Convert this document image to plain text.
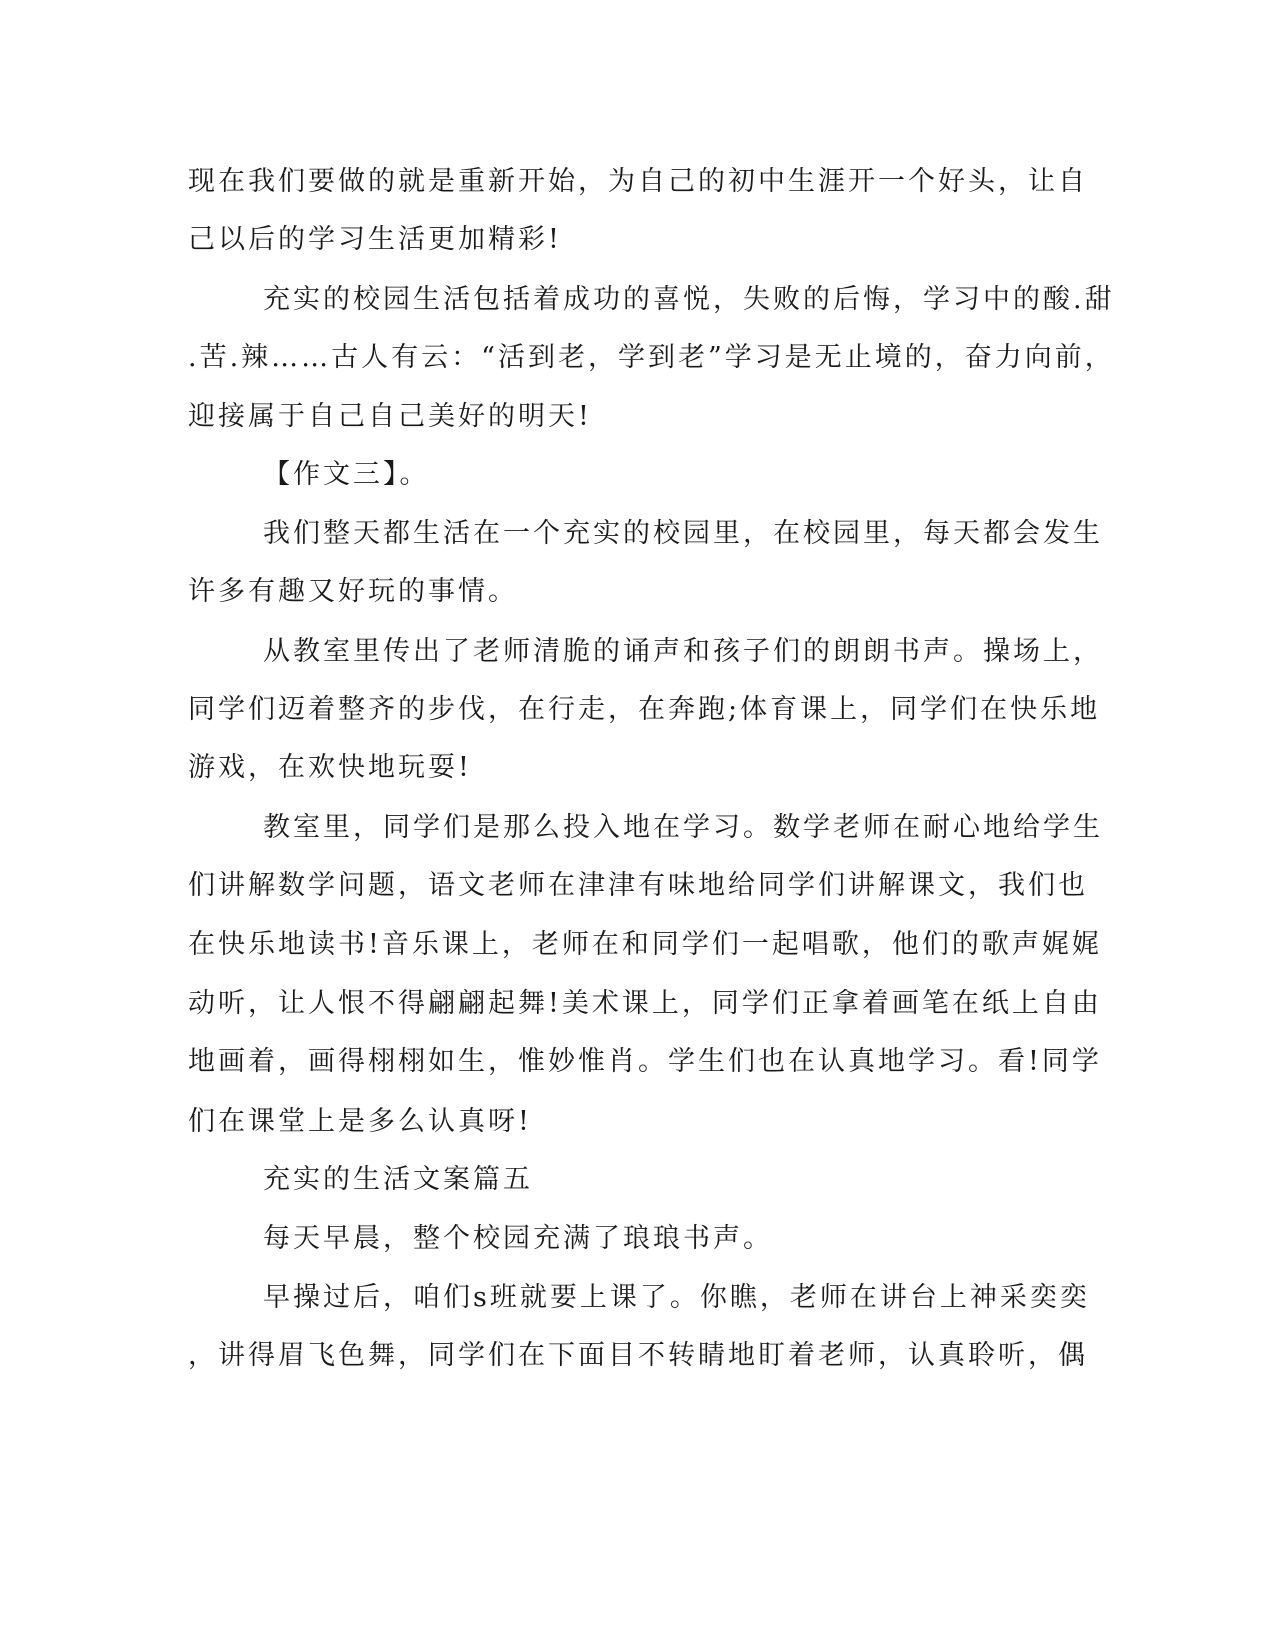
现在我们要做的就是重新开始，为自己的初中生涯开一个好头，让自
己以后的学习生活更加精彩!
充实的校园生活包括着成功的喜悦，失败的后悔，学习中的酸.甜
.苦.辣……古人有云：“活到老，学到老”学习是无止境的，奋力向前，
迎接属于自己自己美好的明天!
【作文三】。
我们整天都生活在一个充实的校园里，在校园里，每天都会发生
许多有趣又好玩的事情。
从教室里传出了老师清脆的诵声和孩子们的朗朗书声。操场上，
同学们迈着整齐的步伐，在行走，在奔跑;体育课上，同学们在快乐地
游戏，在欢快地玩耍!
教室里，同学们是那么投入地在学习。数学老师在耐心地给学生
们讲解数学问题，语文老师在津津有味地给同学们讲解课文，我们也
在快乐地读书!音乐课上，老师在和同学们一起唱歌，他们的歌声娓娓
动听，让人恨不得翩翩起舞!美术课上，同学们正拿着画笔在纸上自由
地画着，画得栩栩如生，惟妙惟肖。学生们也在认真地学习。看!同学
们在课堂上是多么认真呀!
充实的生活文案篇五
每天早晨，整个校园充满了琅琅书声。
早操过后，咱们s班就要上课了。你瞧，老师在讲台上神采奕奕
，讲得眉飞色舞，同学们在下面目不转睛地盯着老师，认真聆听，偶
